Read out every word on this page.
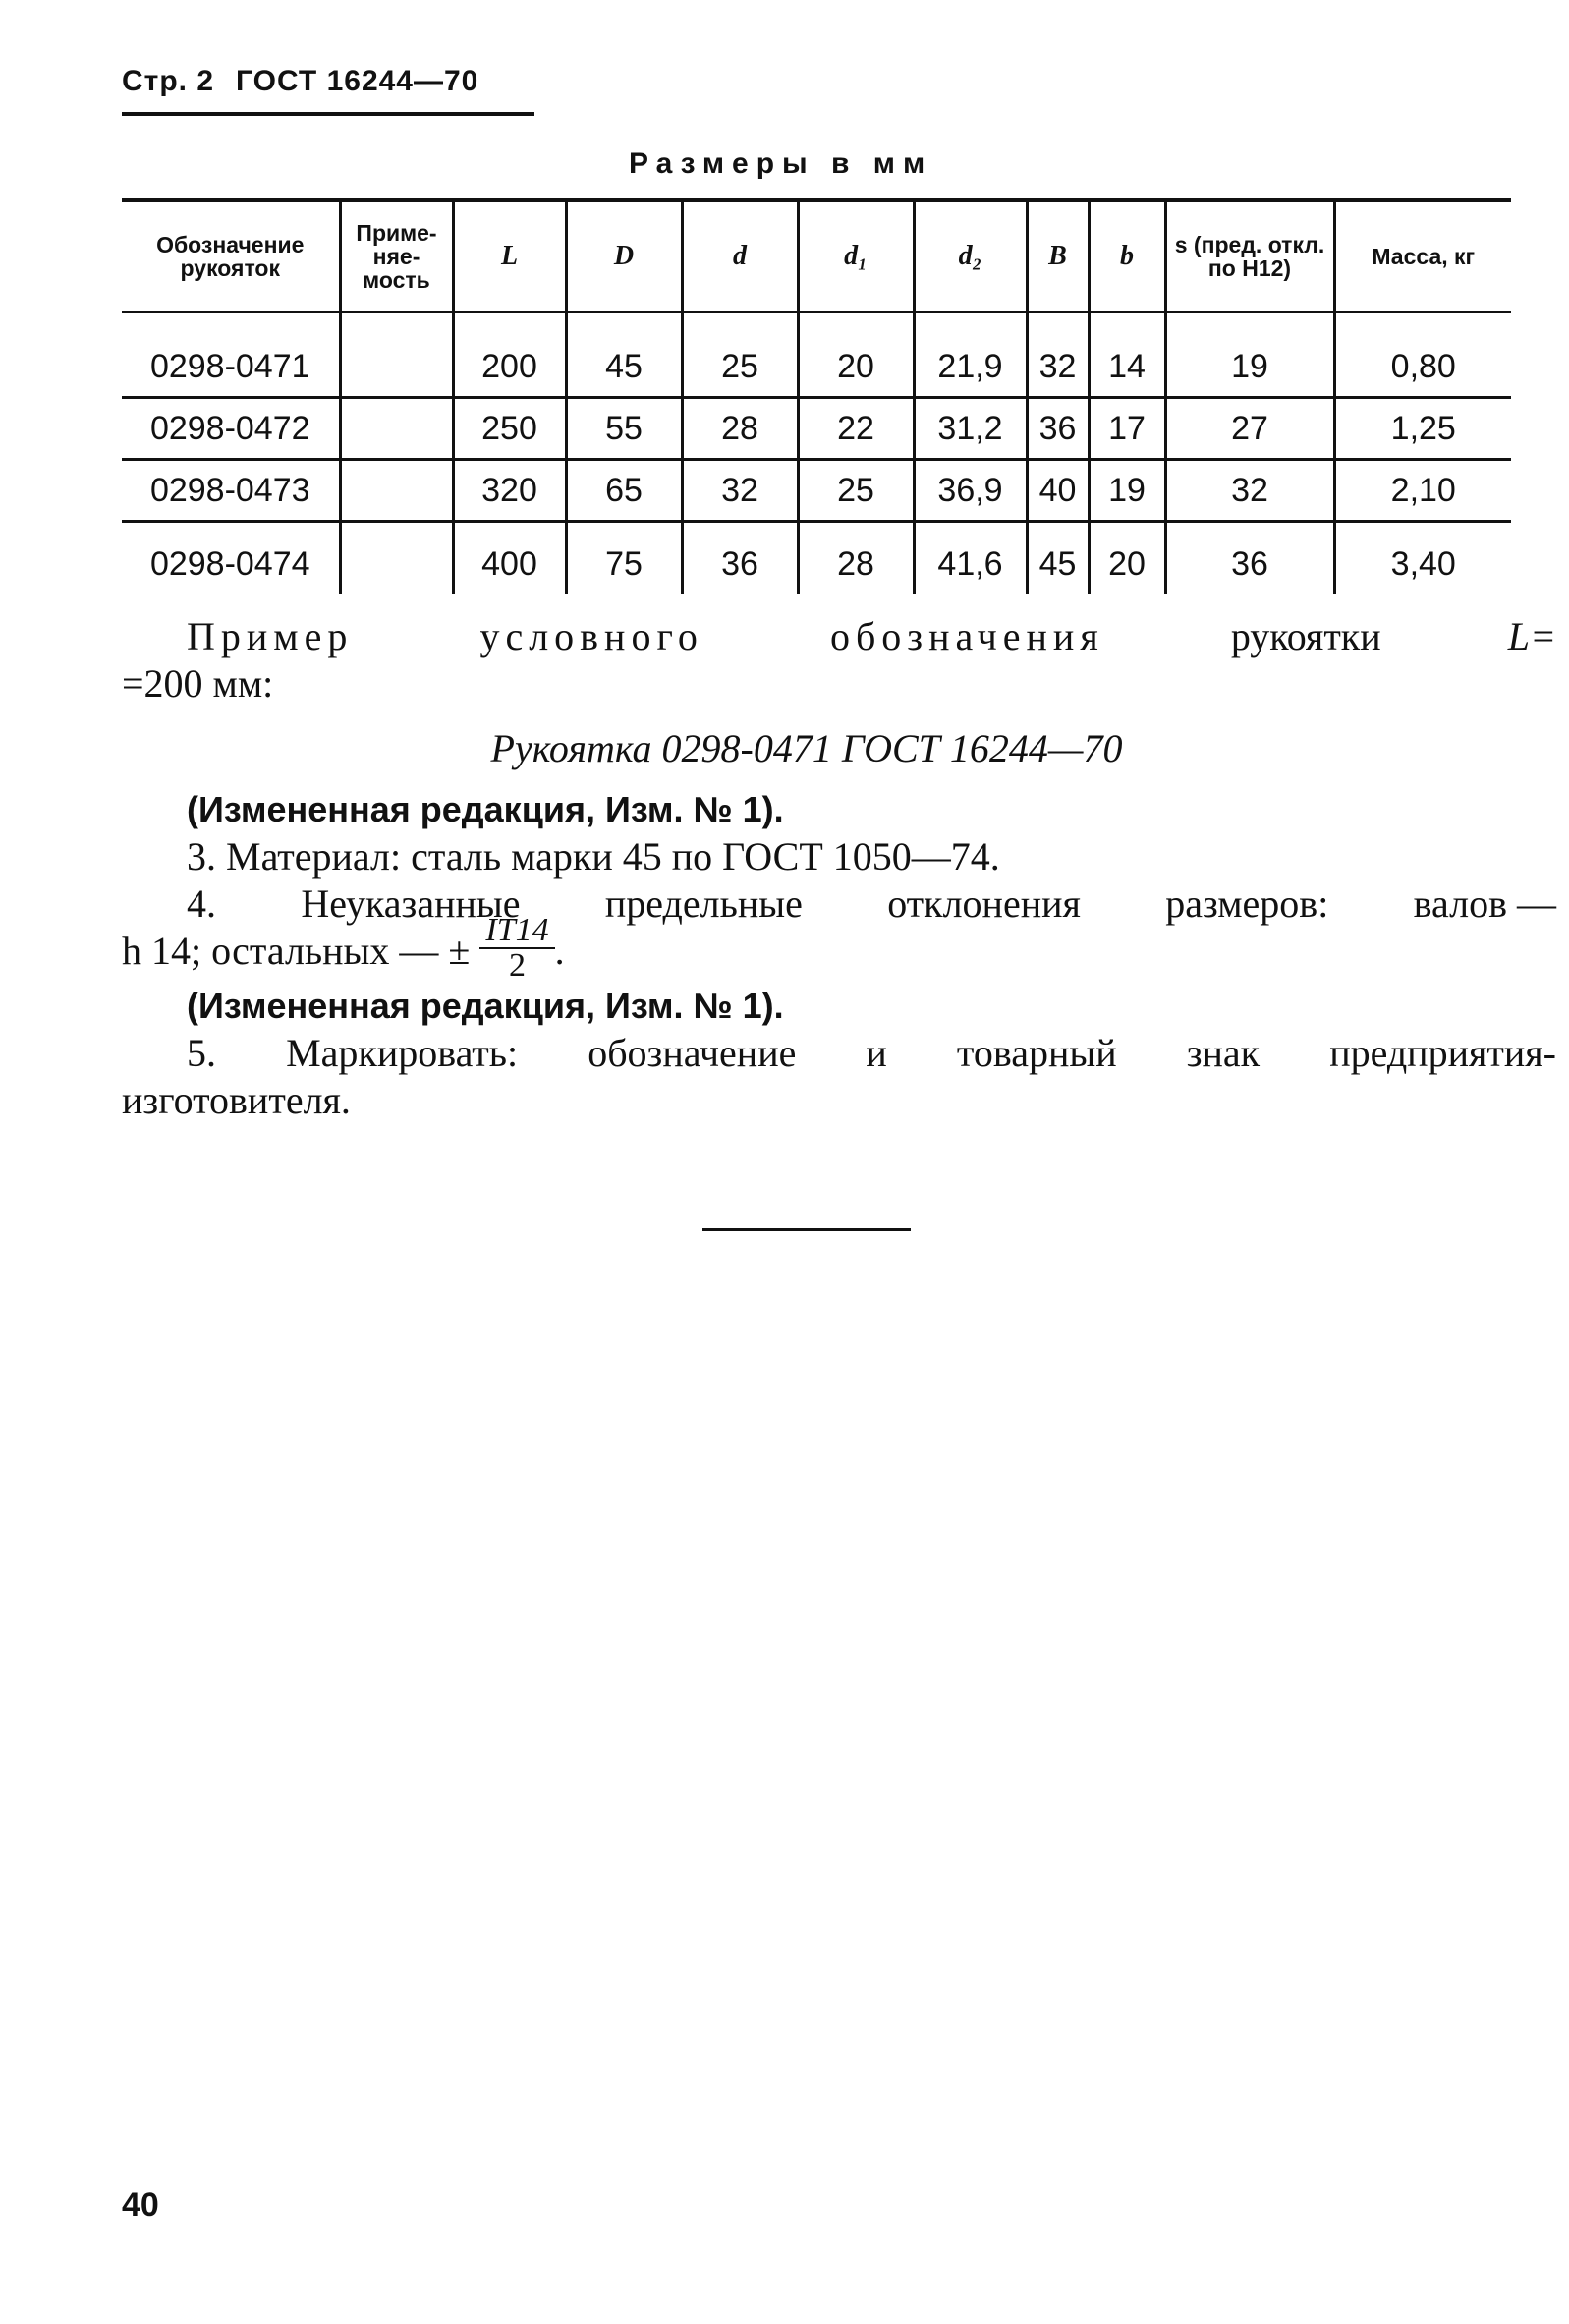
Стр. 2 ГОСТ 16244—70
Размеры в мм
Обозначение рукояток	Приме- няе- мость	L	D	d	d₁	d₂	B	b	s (пред. откл. по H12)	Масса, кг
0298-0471		200	45	25	20	21,9	32	14	19	0,80
0298-0472		250	55	28	22	31,2	36	17	27	1,25
0298-0473		320	65	32	25	36,9	40	19	32	2,10
0298-0474		400	75	36	28	41,6	45	20	36	3,40
Пример	условного	обозначения	рукоятки	L=
=200 мм:
Рукоятка 0298-0471 ГОСТ 16244—70
(Измененная редакция, Изм. № 1).
3. Материал: сталь марки 45 по ГОСТ 1050—74.
4. Неуказанные предельные отклонения размеров: валов —
h 14; остальных — ± $\frac{IT14}{2}$ .
(Измененная редакция, Изм. № 1).
5. Маркировать: обозначение и товарный знак предприятия-
изготовителя.
40
